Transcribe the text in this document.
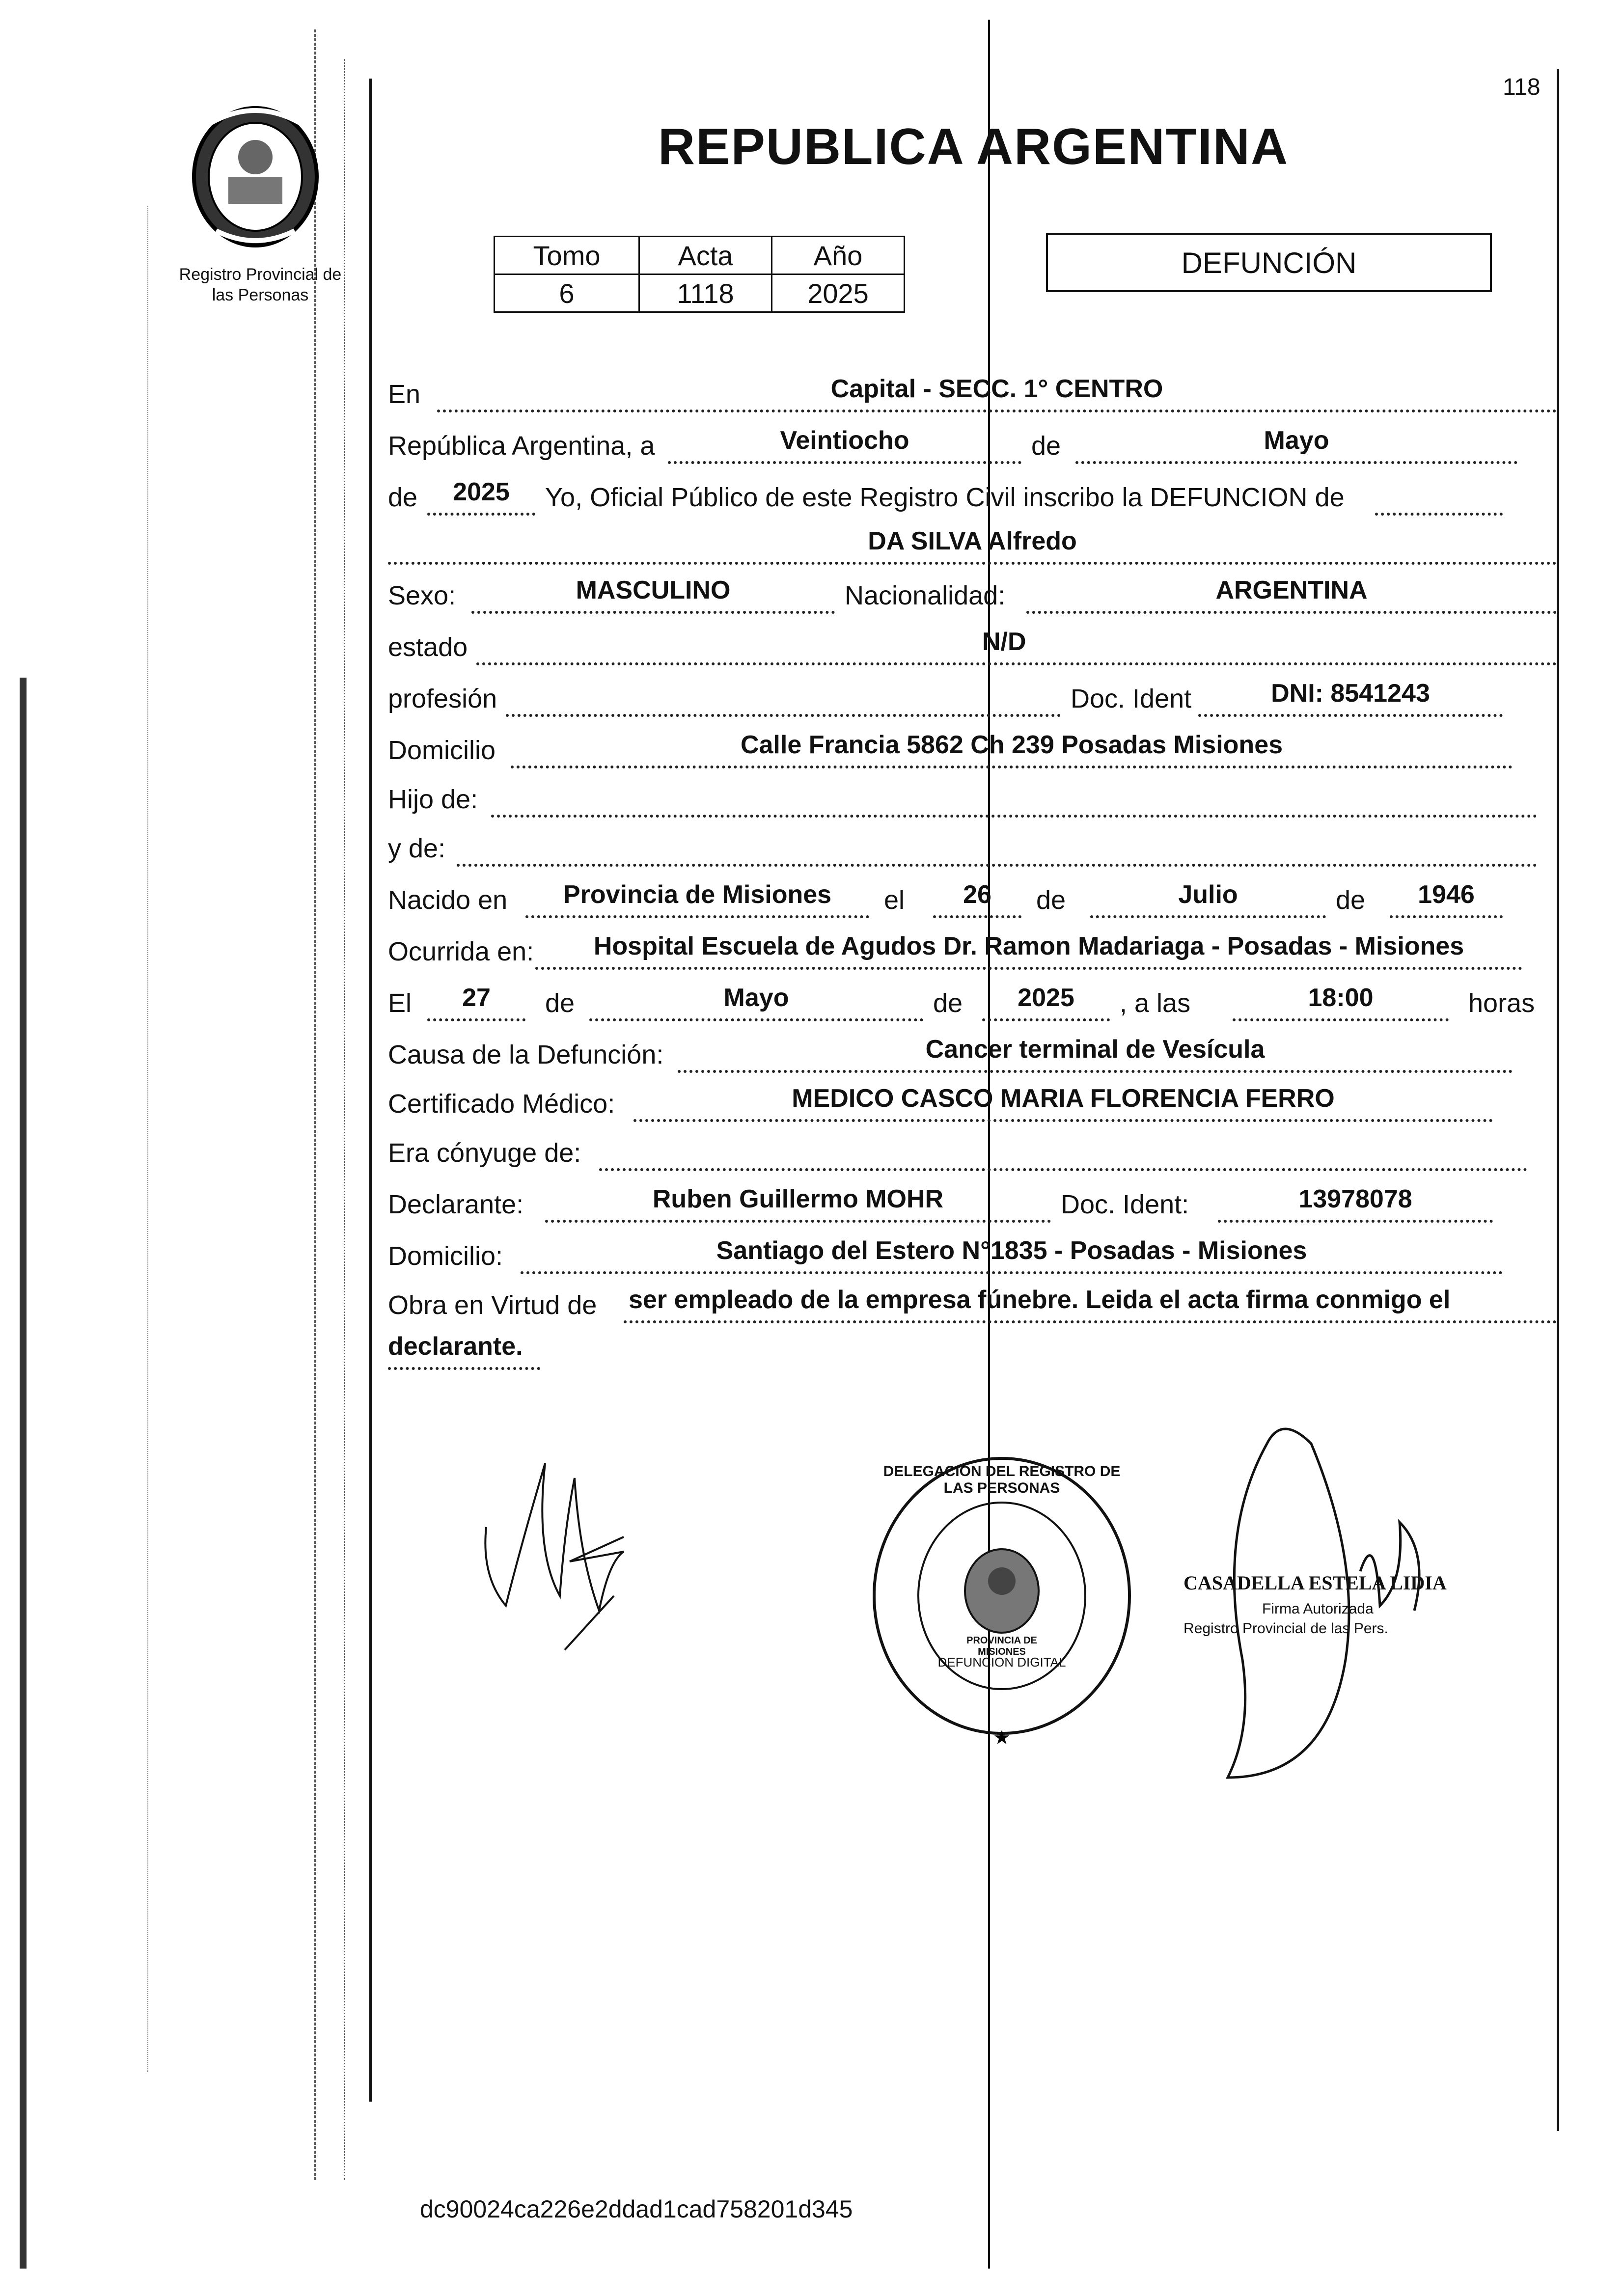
118
Registro Provincial de
las Personas
REPUBLICA ARGENTINA
Tomo	Acta	Año
6	1118	2025
DEFUNCIÓN
En	Capital - SECC. 1° CENTRO
República Argentina, a	Veintiocho	de	Mayo
de	2025	Yo, Oficial Público de este Registro Civil inscribo la DEFUNCION de
DA SILVA Alfredo
Sexo:	MASCULINO	Nacionalidad:	ARGENTINA
estado	N/D
profesión	Doc. Ident	DNI: 8541243
Domicilio	Calle Francia 5862 Ch 239 Posadas Misiones
Hijo de:
y de:
Nacido en	Provincia de Misiones	el	26	de	Julio	de	1946
Ocurrida en:	Hospital Escuela de Agudos Dr. Ramon Madariaga - Posadas - Misiones
El	27	de	Mayo	de	2025	, a las	18:00	horas
Causa de la Defunción:	Cancer terminal de Vesícula
Certificado Médico:	MEDICO CASCO MARIA FLORENCIA FERRO
Era cónyuge de:
Declarante:	Ruben Guillermo MOHR	Doc. Ident:	13978078
Domicilio:	Santiago del Estero N°1835 - Posadas - Misiones
Obra en Virtud de ser empleado de la empresa fúnebre. Leida el acta firma conmigo el
declarante.
★
DELEGACIÓN DEL REGISTRO DE LAS PERSONAS
PROVINCIA DE MISIONES
DEFUNCION DIGITAL
CASADELLA ESTELA LIDIA
Firma Autorizada
Registro Provincial de las Pers.
dc90024ca226e2ddad1cad758201d345
